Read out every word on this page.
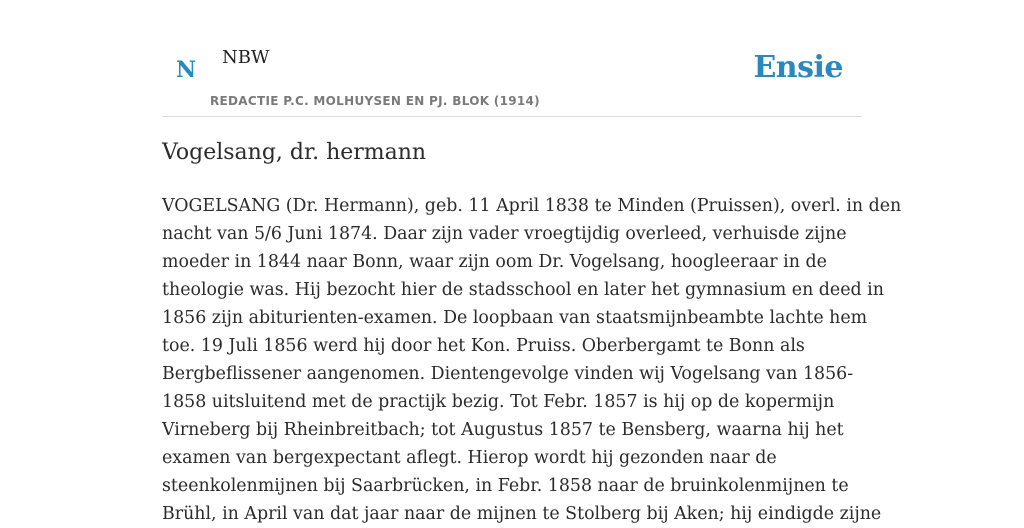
N NBW
REDACTIE P.C. MOLHUYSEN EN PJ. BLOK (1914)
Ensie
Vogelsang, dr. hermann
VOGELSANG (Dr. Hermann), geb. 11 April 1838 te Minden (Pruissen), overl. in den
nacht van 5/6 Juni 1874. Daar zijn vader vroegtijdig overleed, verhuisde zijne
moeder in 1844 naar Bonn, waar zijn oom Dr. Vogelsang, hoogleeraar in de
theologie was. Hij bezocht hier de stadsschool en later het gymnasium en deed in
1856 zijn abiturienten-examen. De loopbaan van staatsmijnbeambte lachte hem
toe. 19 Juli 1856 werd hij door het Kon. Pruiss. Oberbergamt te Bonn als
Bergbeflissener aangenomen. Dientengevolge vinden wij Vogelsang van 1856-
1858 uitsluitend met de practijk bezig. Tot Febr. 1857 is hij op de kopermijn
Virneberg bij Rheinbreitbach; tot Augustus 1857 te Bensberg, waarna hij het
examen van bergexpectant aflegt. Hierop wordt hij gezonden naar de
steenkolenmijnen bij Saarbrücken, in Febr. 1858 naar de bruinkolenmijnen te
Brühl, in April van dat jaar naar de mijnen te Stolberg bij Aken; hij eindigde zijne
